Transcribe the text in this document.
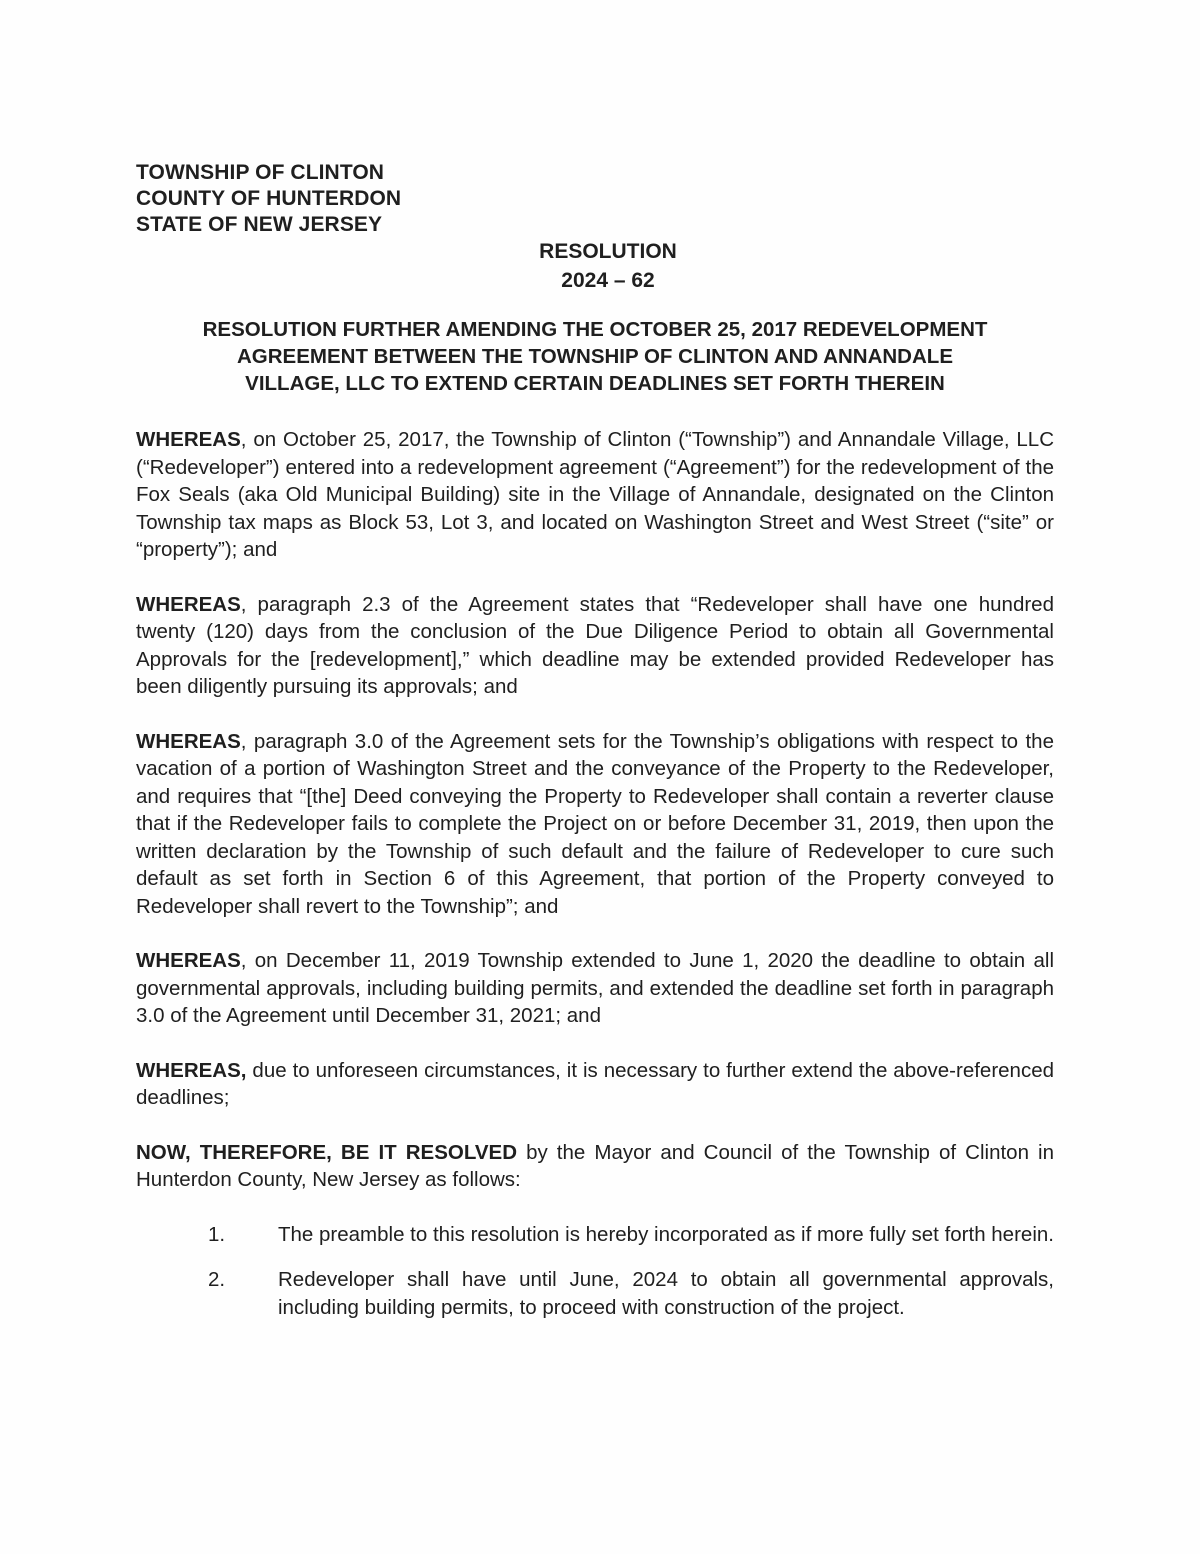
TOWNSHIP OF CLINTON
COUNTY OF HUNTERDON
STATE OF NEW JERSEY
RESOLUTION
2024 – 62
RESOLUTION FURTHER AMENDING THE OCTOBER 25, 2017 REDEVELOPMENT
AGREEMENT BETWEEN THE TOWNSHIP OF CLINTON AND ANNANDALE
VILLAGE, LLC TO EXTEND CERTAIN DEADLINES SET FORTH THEREIN

WHEREAS, on October 25, 2017, the Township of Clinton (“Township”) and Annandale Village, LLC (“Redeveloper”) entered into a redevelopment agreement (“Agreement”) for the redevelopment of the Fox Seals (aka Old Municipal Building) site in the Village of Annandale, designated on the Clinton Township tax maps as Block 53, Lot 3, and located on Washington Street and West Street (“site” or “property”); and

WHEREAS, paragraph 2.3 of the Agreement states that “Redeveloper shall have one hundred twenty (120) days from the conclusion of the Due Diligence Period to obtain all Governmental Approvals for the [redevelopment],” which deadline may be extended provided Redeveloper has been diligently pursuing its approvals; and

WHEREAS, paragraph 3.0 of the Agreement sets for the Township’s obligations with respect to the vacation of a portion of Washington Street and the conveyance of the Property to the Redeveloper, and requires that “[the] Deed conveying the Property to Redeveloper shall contain a reverter clause that if the Redeveloper fails to complete the Project on or before December 31, 2019, then upon the written declaration by the Township of such default and the failure of Redeveloper to cure such default as set forth in Section 6 of this Agreement, that portion of the Property conveyed to Redeveloper shall revert to the Township”; and

WHEREAS, on December 11, 2019 Township extended to June 1, 2020 the deadline to obtain all governmental approvals, including building permits, and extended the deadline set forth in paragraph 3.0 of the Agreement until December 31, 2021; and

WHEREAS, due to unforeseen circumstances, it is necessary to further extend the above-referenced deadlines;

NOW, THEREFORE, BE IT RESOLVED by the Mayor and Council of the Township of Clinton in Hunterdon County, New Jersey as follows:

1.	The preamble to this resolution is hereby incorporated as if more fully set forth herein.
2.	Redeveloper shall have until June, 2024 to obtain all governmental approvals, including building permits, to proceed with construction of the project.
